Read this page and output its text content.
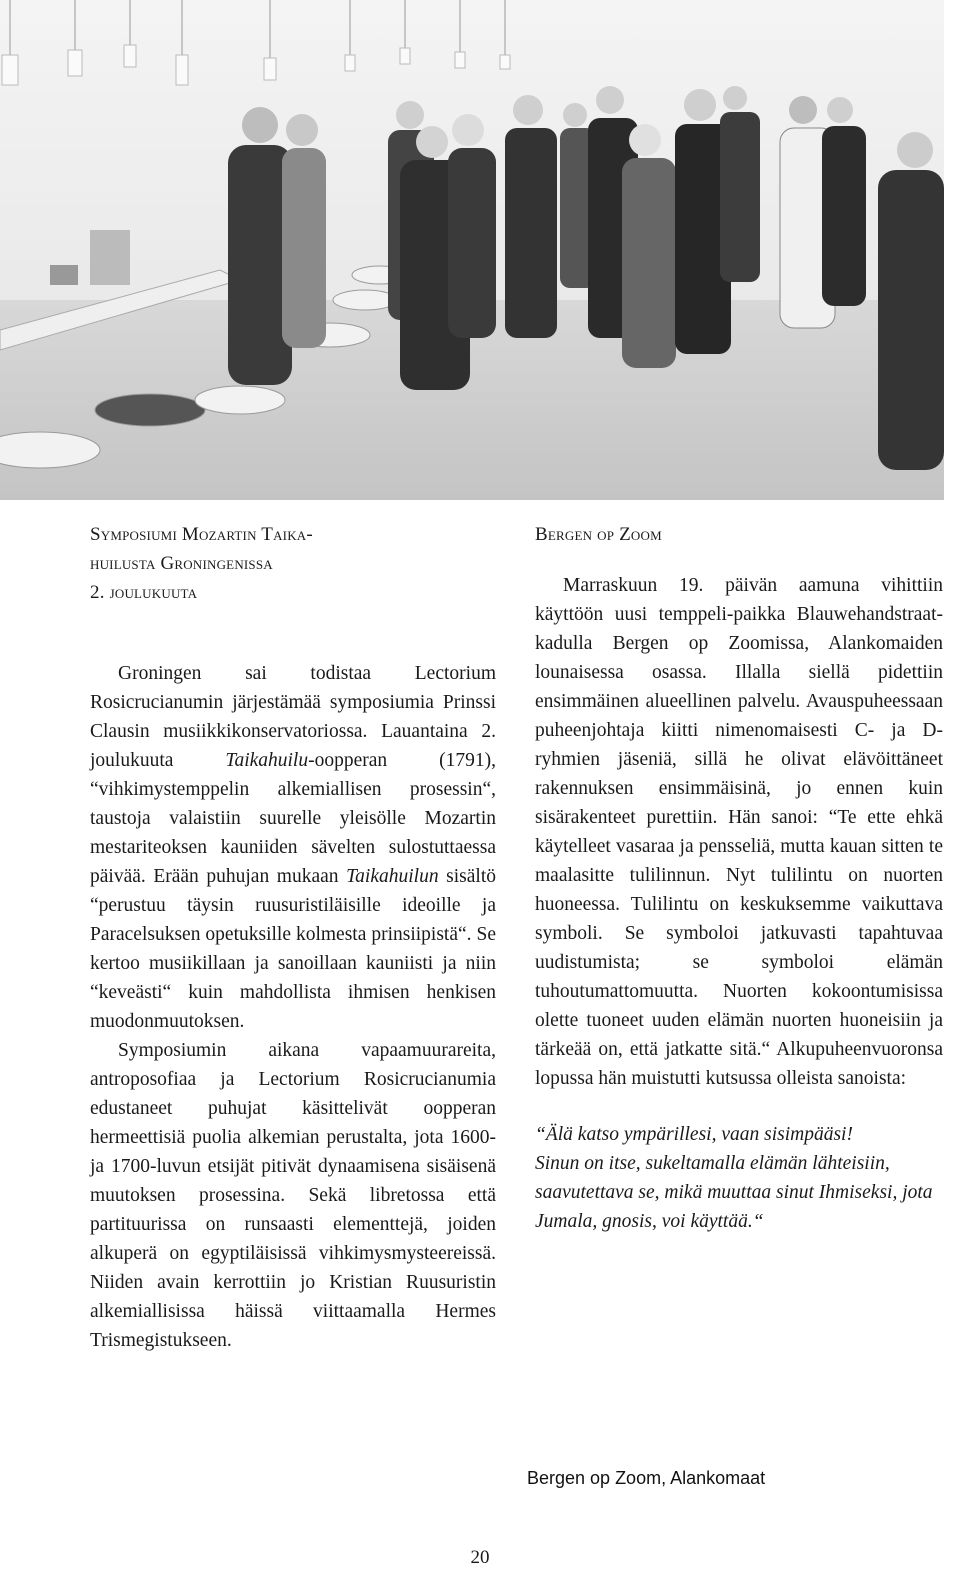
Symposiumi Mozartin Taika-
huilusta Groningenissa
2. joulukuuta

Groningen sai todistaa Lectorium Rosicrucianumin järjestämää symposiumia Prinssi Clausin musiikkikonservatoriossa. Lauantaina 2. joulukuuta Taikahuilu-oopperan (1791), “vihkimystemppelin alkemiallisen prosessin“, taustoja valaistiin suurelle yleisölle Mozartin mestariteoksen kauniiden sävelten sulostuttaessa päivää. Erään puhujan mukaan Taikahuilun sisältö “perustuu täysin ruusuristiläisille ideoille ja Paracelsuksen opetuksille kolmesta prinsiipistä“. Se kertoo musiikillaan ja sanoillaan kauniisti ja niin “keveästi“ kuin mahdollista ihmisen henkisen muodonmuutoksen.

Symposiumin aikana vapaamuurareita, antroposofiaa ja Lectorium Rosicrucianumia edustaneet puhujat käsittelivät oopperan hermeettisiä puolia alkemian perustalta, jota 1600- ja 1700-luvun etsijät pitivät dynaamisena sisäisenä muutoksen prosessina. Sekä libretossa että partituurissa on runsaasti elementtejä, joiden alkuperä on egyptiläisissä vihkimysmysteereissä. Niiden avain kerrottiin jo Kristian Ruusuristin alkemiallisissa häissä viittaamalla Hermes Trismegistukseen.

Bergen op Zoom

Marraskuun 19. päivän aamuna vihittiin käyttöön uusi temppeli-paikka Blauwehandstraat-kadulla Bergen op Zoomissa, Alankomaiden lounaisessa osassa. Illalla siellä pidettiin ensimmäinen alueellinen palvelu. Avauspuheessaan puheenjohtaja kiitti nimenomaisesti C- ja D-ryhmien jäseniä, sillä he olivat elävöittäneet rakennuksen ensimmäisinä, jo ennen kuin sisärakenteet purettiin. Hän sanoi: “Te ette ehkä käytelleet vasaraa ja pensseliä, mutta kauan sitten te maalasitte tulilinnun. Nyt tulilintu on nuorten huoneessa. Tulilintu on keskuksemme vaikuttava symboli. Se symboloi jatkuvasti tapahtuvaa uudistumista; se symboloi elämän tuhoutumattomuutta. Nuorten kokoontumisissa olette tuoneet uuden elämän nuorten huoneisiin ja tärkeää on, että jatkatte sitä.“ Alkupuheenvuoronsa lopussa hän muistutti kutsussa olleista sanoista:

“Älä katso ympärillesi, vaan sisimpääsi!
Sinun on itse, sukeltamalla elämän lähteisiin, saavutettava se, mikä muuttaa sinut Ihmiseksi, jota Jumala, gnosis, voi käyttää.“
Bergen op Zoom, Alankomaat
20
